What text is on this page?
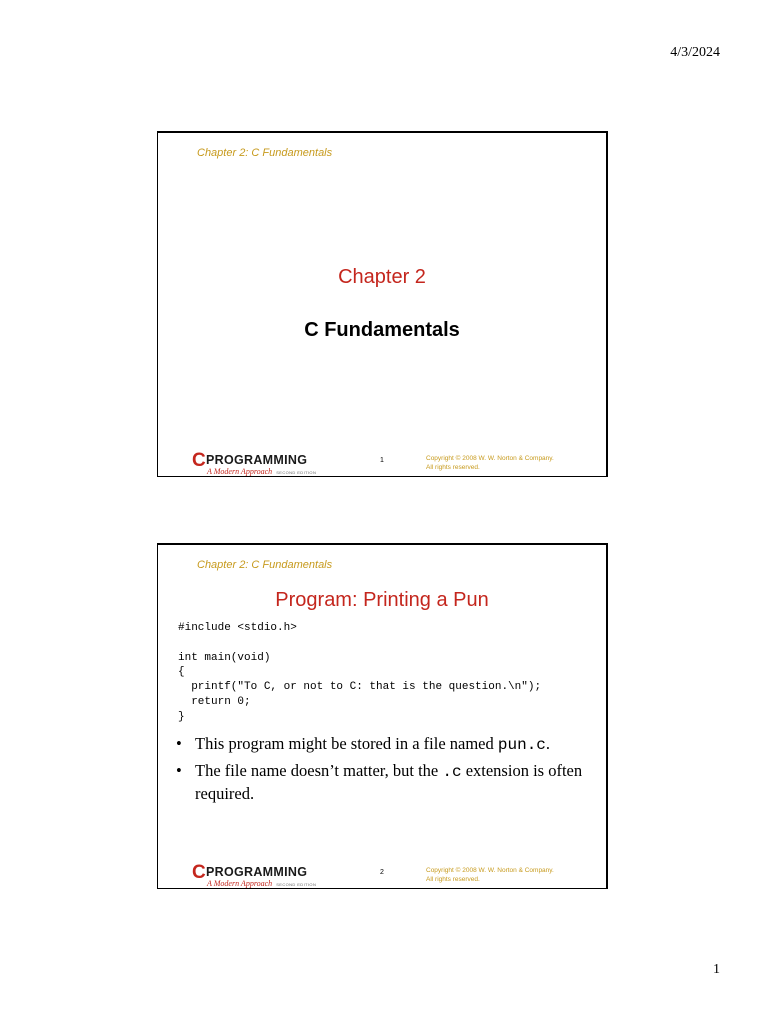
4/3/2024
Chapter 2: C Fundamentals
Chapter 2
C Fundamentals
C PROGRAMMING
A Modern Approach SECOND EDITION
1	Copyright © 2008 W. W. Norton & Company.
All rights reserved.
Chapter 2: C Fundamentals
Program: Printing a Pun
#include <stdio.h>

int main(void)
{
printf("To C, or not to C: that is the question.\n");
return 0;
}
• This program might be stored in a file named pun.c.
• The file name doesn’t matter, but the .c extension is often required.
C PROGRAMMING
A Modern Approach SECOND EDITION
2	Copyright © 2008 W. W. Norton & Company.
All rights reserved.
1
